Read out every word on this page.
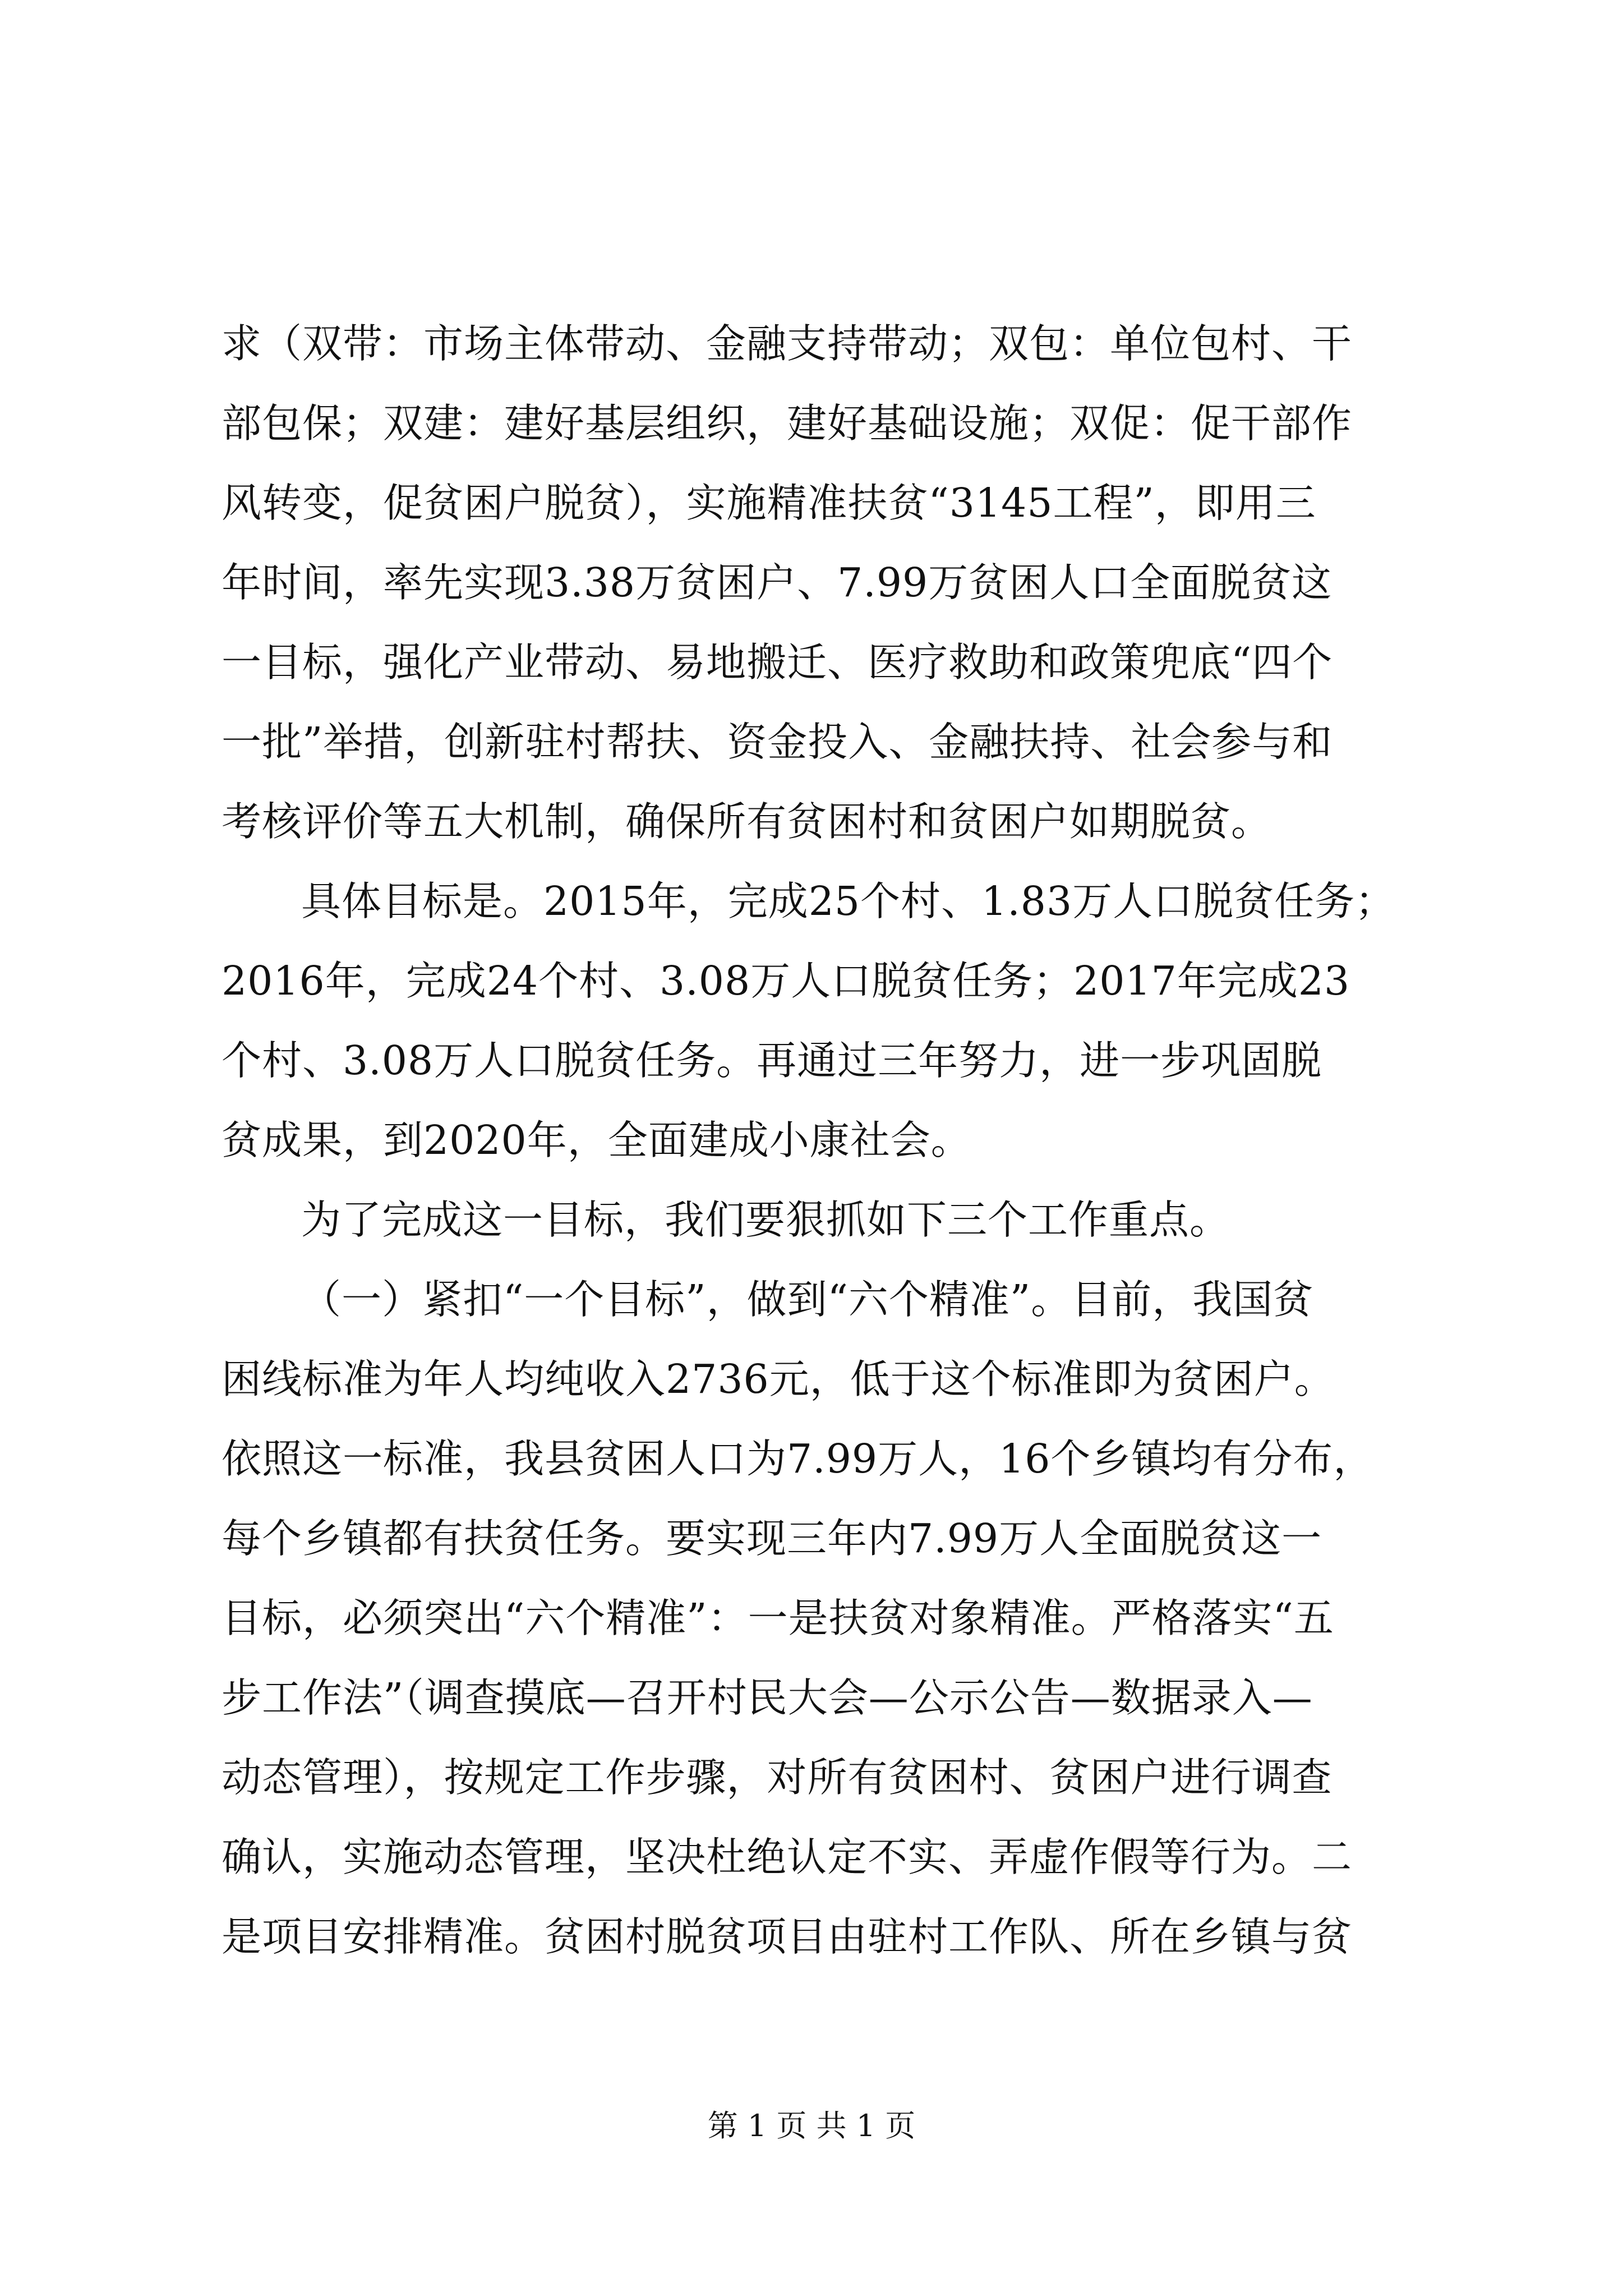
求（双带：市场主体带动、金融支持带动；双包：单位包村、干
部包保；双建：建好基层组织，建好基础设施；双促：促干部作
风转变，促贫困户脱贫），实施精准扶贫“3145工程”，即用三
年时间，率先实现3.38万贫困户、7.99万贫困人口全面脱贫这
一目标，强化产业带动、易地搬迁、医疗救助和政策兜底“四个
一批”举措，创新驻村帮扶、资金投入、金融扶持、社会参与和
考核评价等五大机制，确保所有贫困村和贫困户如期脱贫。
具体目标是。2015年，完成25个村、1.83万人口脱贫任务；
2016年，完成24个村、3.08万人口脱贫任务；2017年完成23
个村、3.08万人口脱贫任务。再通过三年努力，进一步巩固脱
贫成果，到2020年，全面建成小康社会。
为了完成这一目标，我们要狠抓如下三个工作重点。
（一）紧扣“一个目标”，做到“六个精准”。目前，我国贫
困线标准为年人均纯收入2736元，低于这个标准即为贫困户。
依照这一标准，我县贫困人口为7.99万人，16个乡镇均有分布，
每个乡镇都有扶贫任务。要实现三年内7.99万人全面脱贫这一
目标，必须突出“六个精准”：一是扶贫对象精准。严格落实“五
步工作法”（调查摸底—召开村民大会—公示公告—数据录入—
动态管理），按规定工作步骤，对所有贫困村、贫困户进行调查
确认，实施动态管理，坚决杜绝认定不实、弄虚作假等行为。二
是项目安排精准。贫困村脱贫项目由驻村工作队、所在乡镇与贫
第 1 页 共 1 页
